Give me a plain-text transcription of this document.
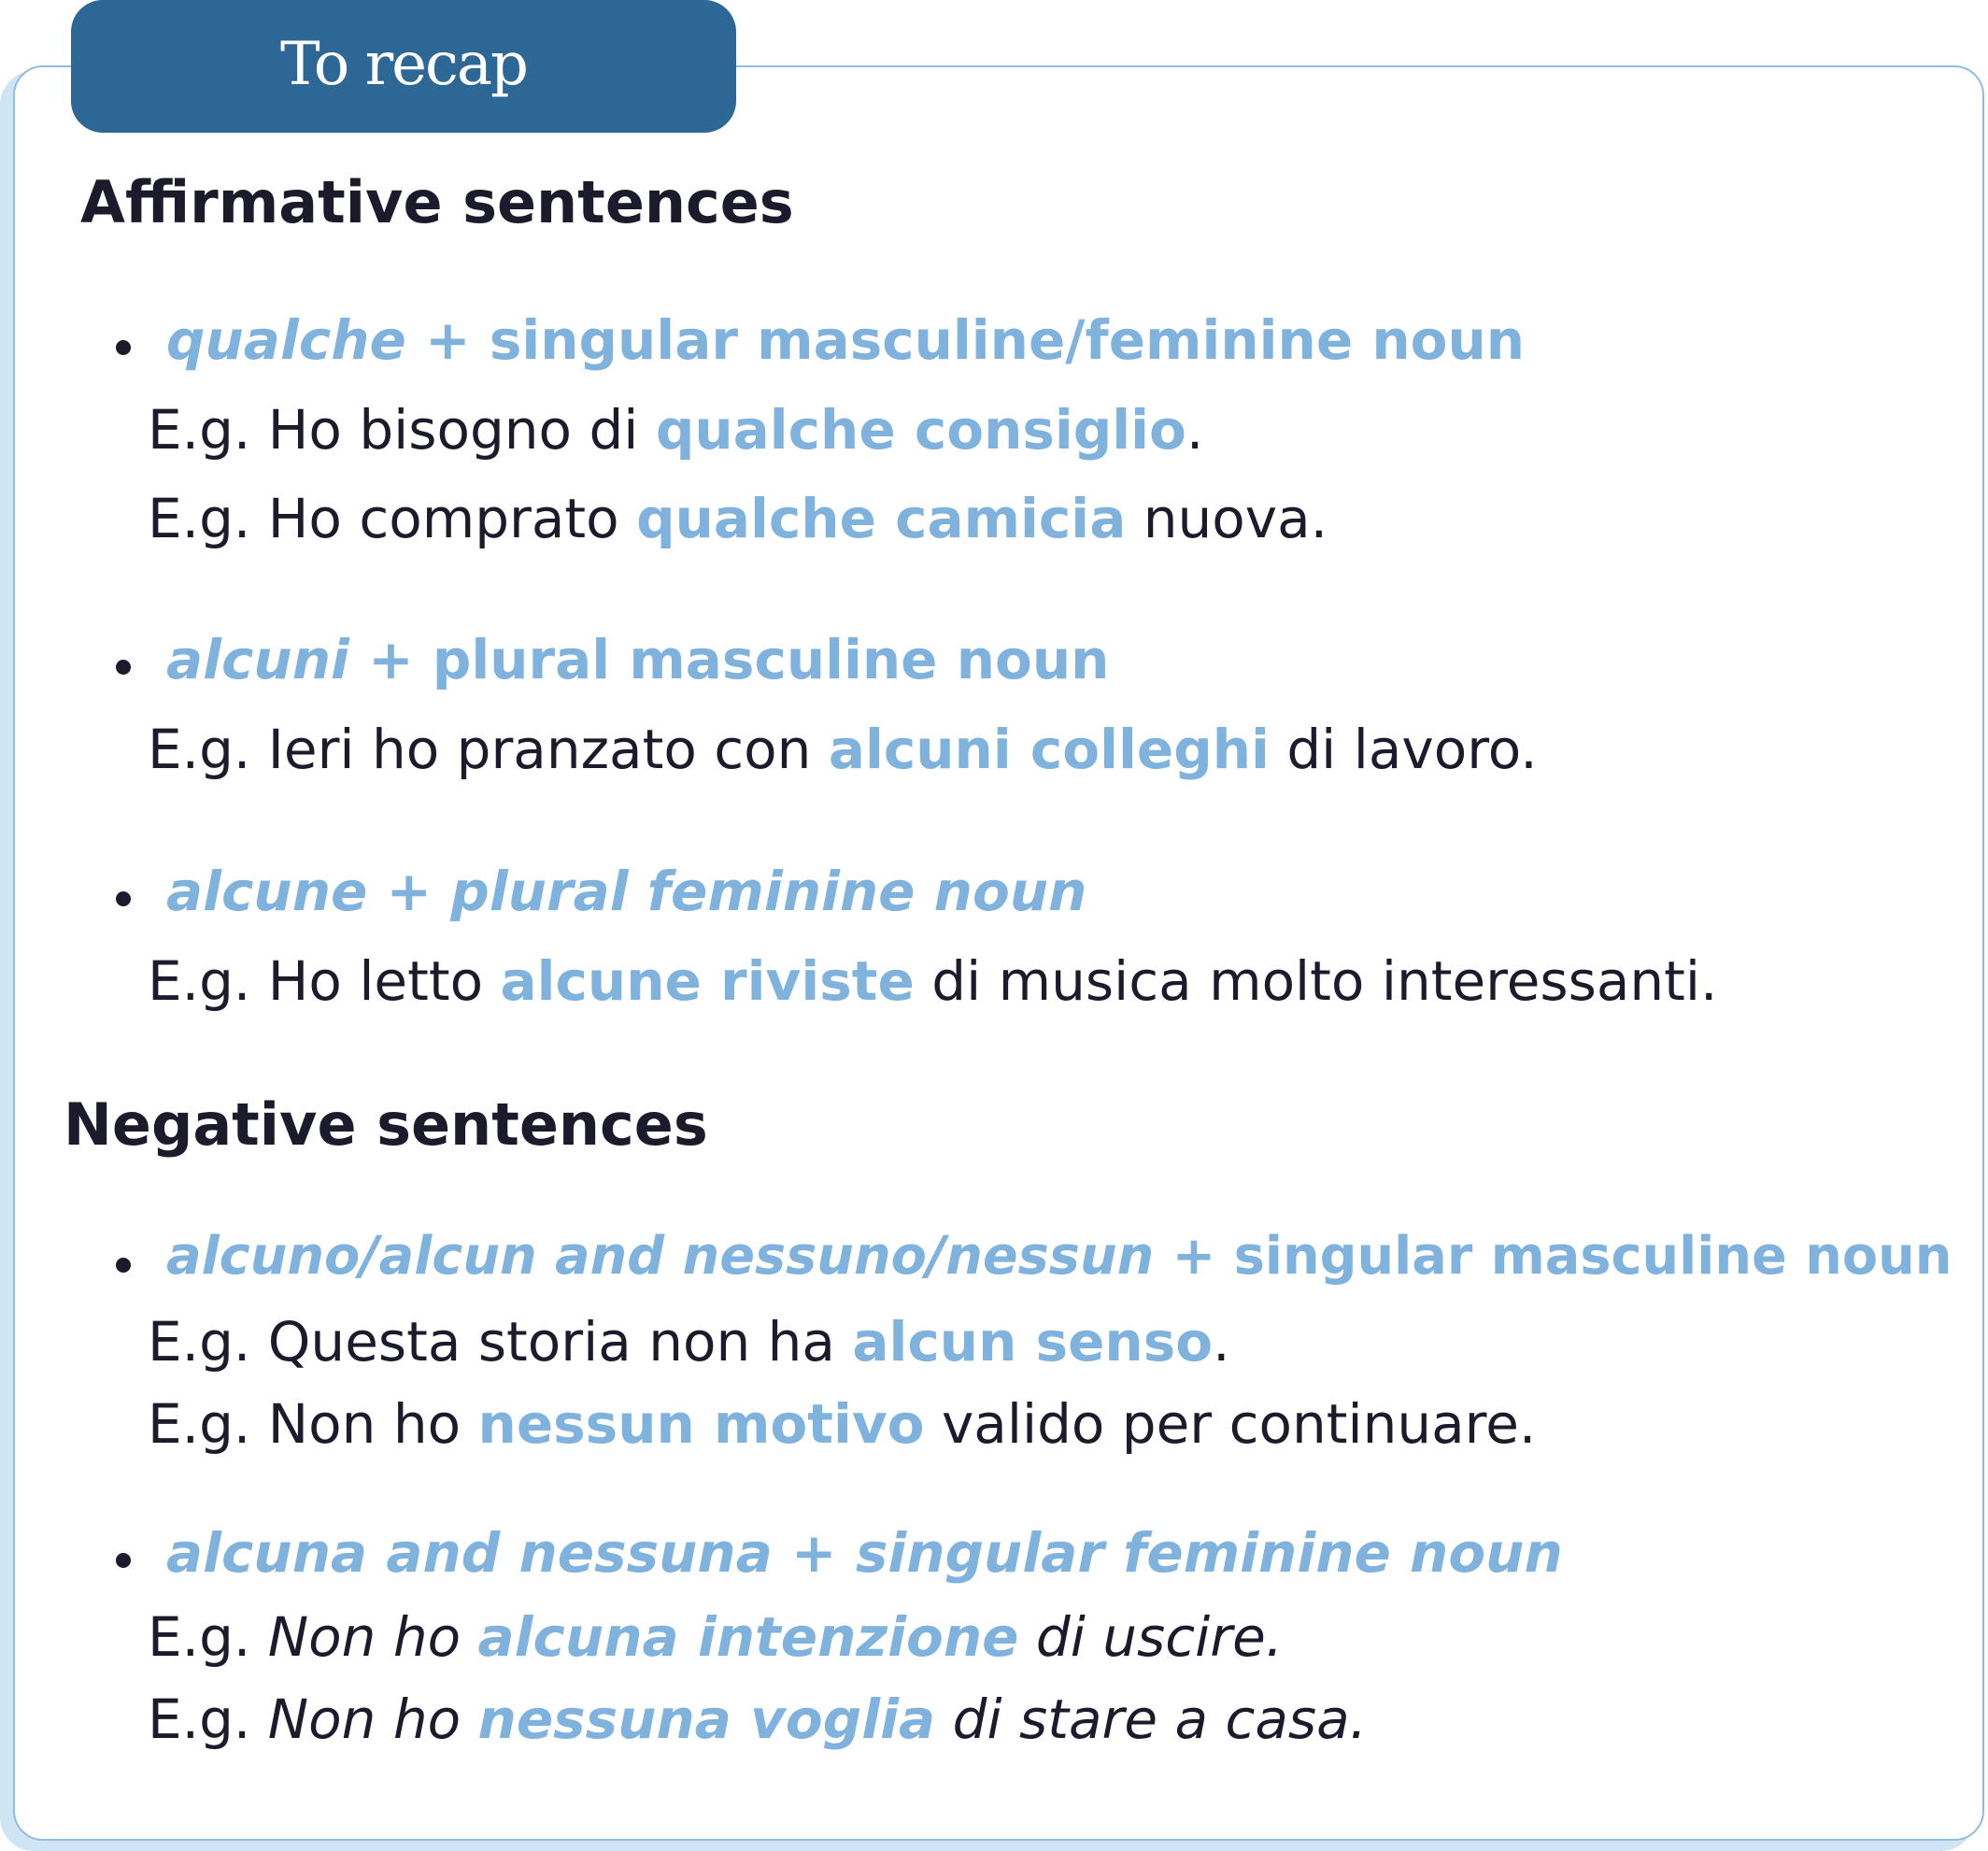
To recap
Affirmative sentences
qualche + singular masculine/feminine noun
E.g. Ho bisogno di qualche consiglio.
E.g. Ho comprato qualche camicia nuova.
alcuni + plural masculine noun
E.g. Ieri ho pranzato con alcuni colleghi di lavoro.
alcune + plural feminine noun
E.g. Ho letto alcune riviste di musica molto interessanti.
Negative sentences
alcuno/alcun and nessuno/nessun + singular masculine noun
E.g. Questa storia non ha alcun senso.
E.g. Non ho nessun motivo valido per continuare.
alcuna and nessuna + singular feminine noun
E.g. Non ho alcuna intenzione di uscire.
E.g. Non ho nessuna voglia di stare a casa.
